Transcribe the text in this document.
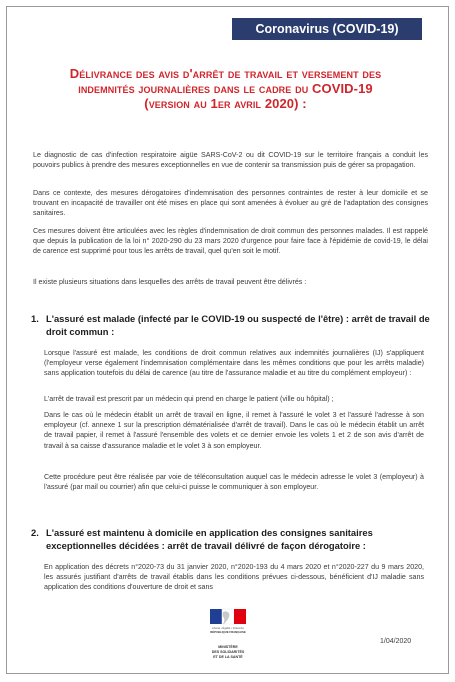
Coronavirus (COVID-19)
Délivrance des avis d'arrêt de travail et versement des
indemnités journalières dans le cadre du COVID-19
(version au 1er avril 2020) :

Le diagnostic de cas d'infection respiratoire aigüe SARS-CoV-2 ou dit COVID-19 sur le territoire français a conduit les pouvoirs publics à prendre des mesures exceptionnelles en vue de contenir sa transmission puis de gérer sa propagation.

Dans ce contexte, des mesures dérogatoires d'indemnisation des personnes contraintes de rester à leur domicile et se trouvant en incapacité de travailler ont été mises en place qui sont amenées à évoluer au gré de l'adaptation des consignes sanitaires.

Ces mesures doivent être articulées avec les règles d'indemnisation de droit commun des personnes malades. Il est rappelé que depuis la publication de la loi n° 2020-290 du 23 mars 2020 d'urgence pour faire face à l'épidémie de covid-19, le délai de carence est supprimé pour tous les arrêts de travail, quel qu'en soit le motif.

Il existe plusieurs situations dans lesquelles des arrêts de travail peuvent être délivrés :

1. L'assuré est malade (infecté par le COVID-19 ou suspecté de l'être) : arrêt de travail de droit commun :

Lorsque l'assuré est malade, les conditions de droit commun relatives aux indemnités journalières (IJ) s'appliquent (l'employeur verse également l'indemnisation complémentaire dans les mêmes conditions que pour les arrêts maladie) sans application toutefois du délai de carence (au titre de l'assurance maladie et au titre du complément employeur) :

L'arrêt de travail est prescrit par un médecin qui prend en charge le patient (ville ou hôpital) ;

Dans le cas où le médecin établit un arrêt de travail en ligne, il remet à l'assuré le volet 3 et l'assuré l'adresse à son employeur (cf. annexe 1 sur la prescription dématérialisée d'arrêt de travail). Dans le cas où le médecin établit un arrêt de travail papier, il remet à l'assuré l'ensemble des volets et ce dernier envoie les volets 1 et 2 de son avis d'arrêt de travail à sa caisse d'assurance maladie et le volet 3 à son employeur.

Cette procédure peut être réalisée par voie de téléconsultation auquel cas le médecin adresse le volet 3 (employeur) à l'assuré (par mail ou courrier) afin que celui-ci puisse le communiquer à son employeur.

2. L'assuré est maintenu à domicile en application des consignes sanitaires exceptionnelles décidées : arrêt de travail délivré de façon dérogatoire :

En application des décrets n°2020-73 du 31 janvier 2020, n°2020-193 du 4 mars 2020 et n°2020-227 du 9 mars 2020, les assurés justifiant d'arrêts de travail établis dans les conditions prévues ci-dessous, bénéficient d'IJ maladie sans application des conditions d'ouverture de droit et sans

Liberté • Égalité • Fraternité
RÉPUBLIQUE FRANÇAISE
MINISTÈRE
DES SOLIDARITÉS
ET DE LA SANTÉ
1/04/2020
